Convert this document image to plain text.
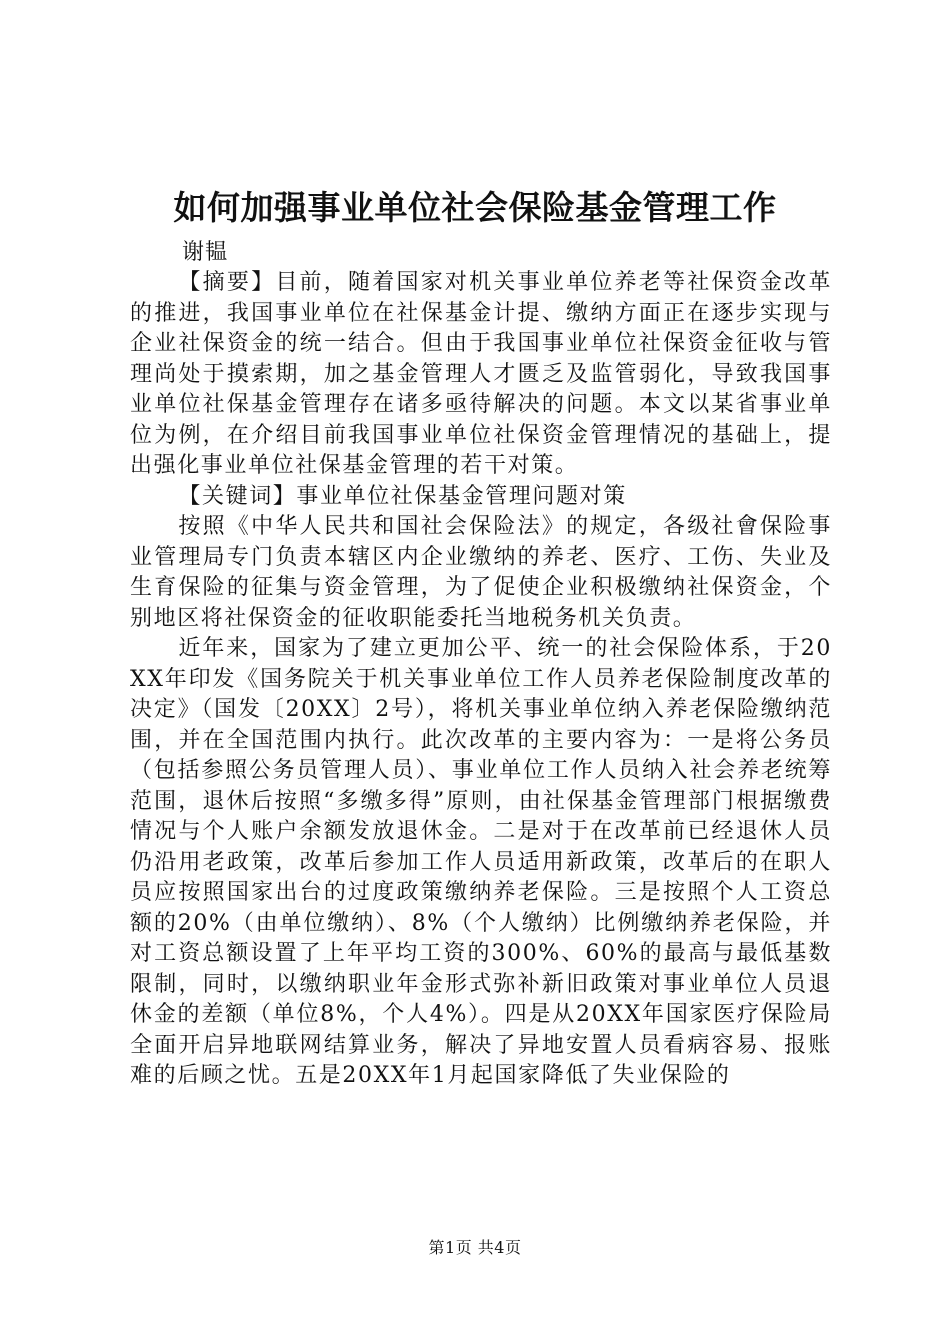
如何加强事业单位社会保险基金管理工作
谢韫

【摘要】目前，随着国家对机关事业单位养老等社保资金改革的推进，我国事业单位在社保基金计提、缴纳方面正在逐步实现与企业社保资金的统一结合。但由于我国事业单位社保资金征收与管理尚处于摸索期，加之基金管理人才匮乏及监管弱化，导致我国事业单位社保基金管理存在诸多亟待解决的问题。本文以某省事业单位为例，在介绍目前我国事业单位社保资金管理情况的基础上，提出强化事业单位社保基金管理的若干对策。

【关键词】事业单位社保基金管理问题对策

按照《中华人民共和国社会保险法》的规定，各级社會保险事业管理局专门负责本辖区内企业缴纳的养老、医疗、工伤、失业及生育保险的征集与资金管理，为了促使企业积极缴纳社保资金，个别地区将社保资金的征收职能委托当地税务机关负责。

近年来，国家为了建立更加公平、统一的社会保险体系，于20XX年印发《国务院关于机关事业单位工作人员养老保险制度改革的决定》（国发〔20XX〕2号），将机关事业单位纳入养老保险缴纳范围，并在全国范围内执行。此次改革的主要内容为：一是将公务员（包括参照公务员管理人员）、事业单位工作人员纳入社会养老统筹范围，退休后按照“多缴多得”原则，由社保基金管理部门根据缴费情况与个人账户余额发放退休金。二是对于在改革前已经退休人员仍沿用老政策，改革后参加工作人员适用新政策，改革后的在职人员应按照国家出台的过度政策缴纳养老保险。三是按照个人工资总额的20%（由单位缴纳）、8%（个人缴纳）比例缴纳养老保险，并对工资总额设置了上年平均工资的300%、60%的最高与最低基数限制，同时，以缴纳职业年金形式弥补新旧政策对事业单位人员退休金的差额（单位8%，个人4%）。四是从20XX年国家医疗保险局全面开启异地联网结算业务，解决了异地安置人员看病容易、报账难的后顾之忧。五是20XX年1月起国家降低了失业保险的

第1页 共4页
